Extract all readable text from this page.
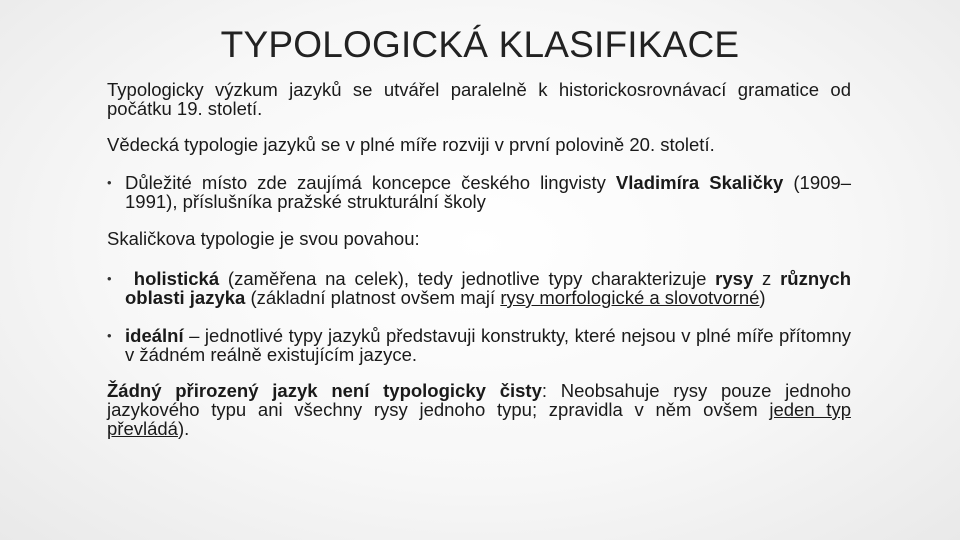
TYPOLOGICKÁ KLASIFIKACE

Typologicky výzkum jazyků se utvářel paralelně k historickosrovnávací gramatice od počátku 19. století.

Vědecká typologie jazyků se v plné míře rozviji v první polovině 20. století.

• Důležité místo zde zaujímá koncepce českého lingvisty Vladimíra Skaličky (1909–1991), příslušníka pražské strukturální školy

Skaličkova typologie je svou povahou:

•	holistická (zaměřena na celek), tedy jednotlive typy charakterizuje rysy z různych oblasti jazyka (základní platnost ovšem mají rysy morfologické a slovotvorné)

• ideální – jednotlivé typy jazyků představuji konstrukty, které nejsou v plné míře přítomny v žádném reálně existujícím jazyce.

Žádný přirozený jazyk není typologicky čisty: Neobsahuje rysy pouze jednoho jazykového typu ani všechny rysy jednoho typu; zpravidla v něm ovšem jeden typ převládá).
